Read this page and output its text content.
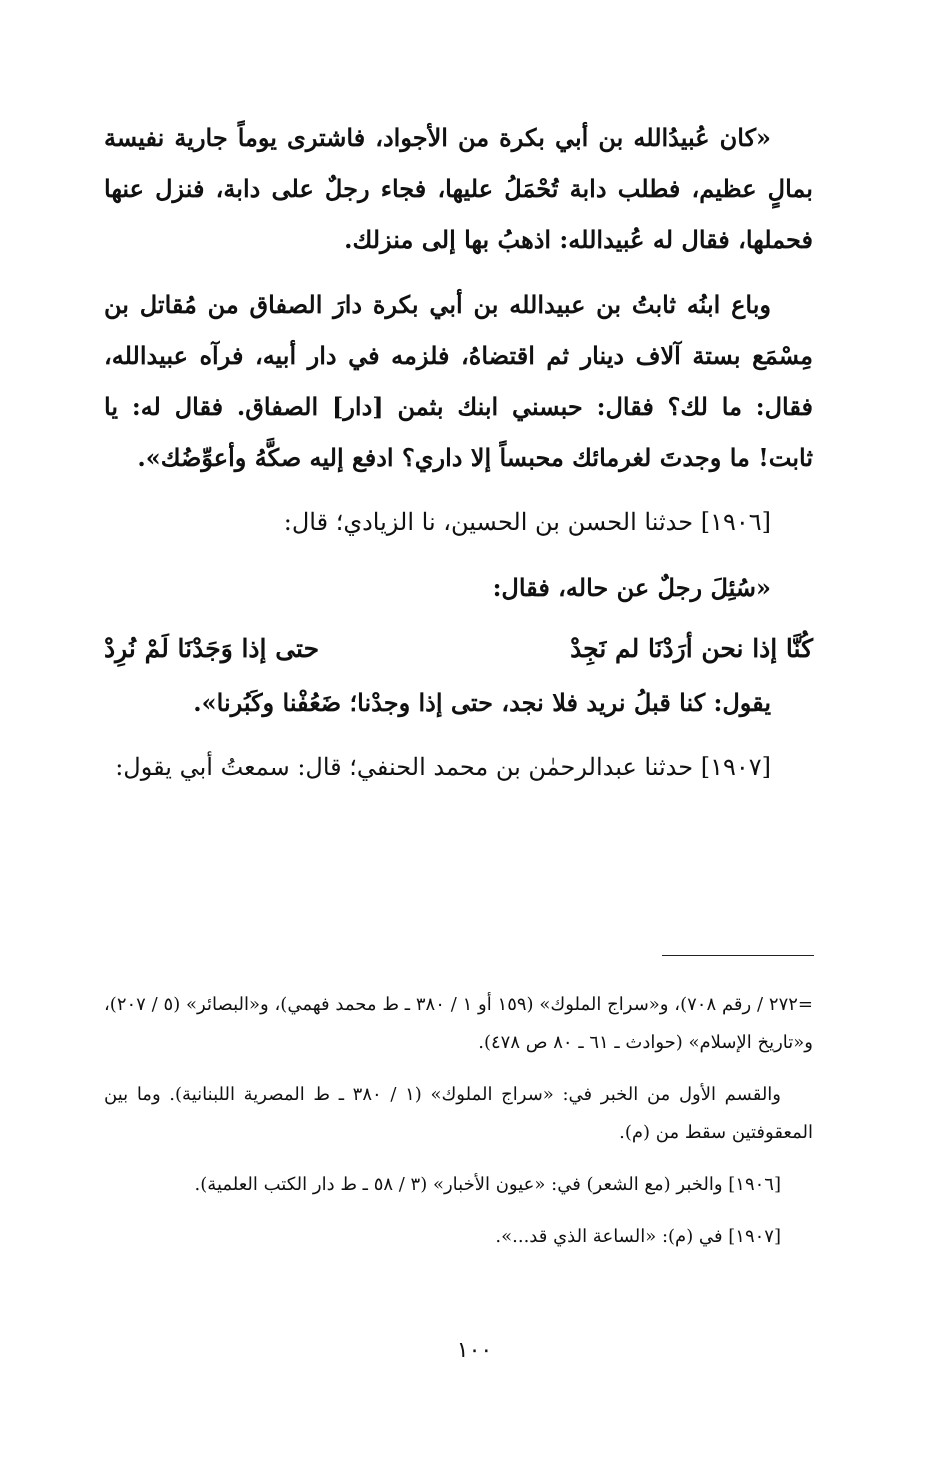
«كان عُبيدُالله بن أبي بكرة من الأجواد، فاشترى يوماً جارية نفيسة بمالٍ عظيم، فطلب دابة تُحْمَلُ عليها، فجاء رجلٌ على دابة، فنزل عنها فحملها، فقال له عُبيدالله: اذهبُ بها إلى منزلك.

وباع ابنُه ثابتُ بن عبيدالله بن أبي بكرة دارَ الصفاق من مُقاتل بن مِسْمَع بستة آلاف دينار ثم اقتضاهُ، فلزمه في دار أبيه، فرآه عبيدالله، فقال: ما لك؟ فقال: حبسني ابنك بثمن [دار] الصفاق. فقال له: يا ثابت! ما وجدتَ لغرمائك محبساً إلا داري؟ ادفع إليه صكَّهُ وأعوِّضُك».

[١٩٠٦] حدثنا الحسن بن الحسين، نا الزيادي؛ قال:

«سُئِلَ رجلٌ عن حاله، فقال:

كُنَّا إذا نحن أرَدْنَا لم نَجِدْ
حتى إذا وَجَدْنَا لَمْ نُرِدْ

يقول: كنا قبلُ نريد فلا نجد، حتى إذا وجدْنا؛ ضَعُفْنا وكَبُرنا».

[١٩٠٧] حدثنا عبدالرحمٰن بن محمد الحنفي؛ قال: سمعتُ أبي يقول:

=٢٧٢ / رقم ٧٠٨)، و«سراج الملوك» (١٥٩ أو ١ / ٣٨٠ ـ ط محمد فهمي)، و«البصائر» (٥ / ٢٠٧)، و«تاريخ الإسلام» (حوادث ـ ٦١ ـ ٨٠ ص ٤٧٨).

والقسم الأول من الخبر في: «سراج الملوك» (١ / ٣٨٠ ـ ط المصرية اللبنانية). وما بين المعقوفتين سقط من (م).

[١٩٠٦] والخبر (مع الشعر) في: «عيون الأخبار» (٣ / ٥٨ ـ ط دار الكتب العلمية).

[١٩٠٧] في (م): «الساعة الذي قد...».

١٠٠
